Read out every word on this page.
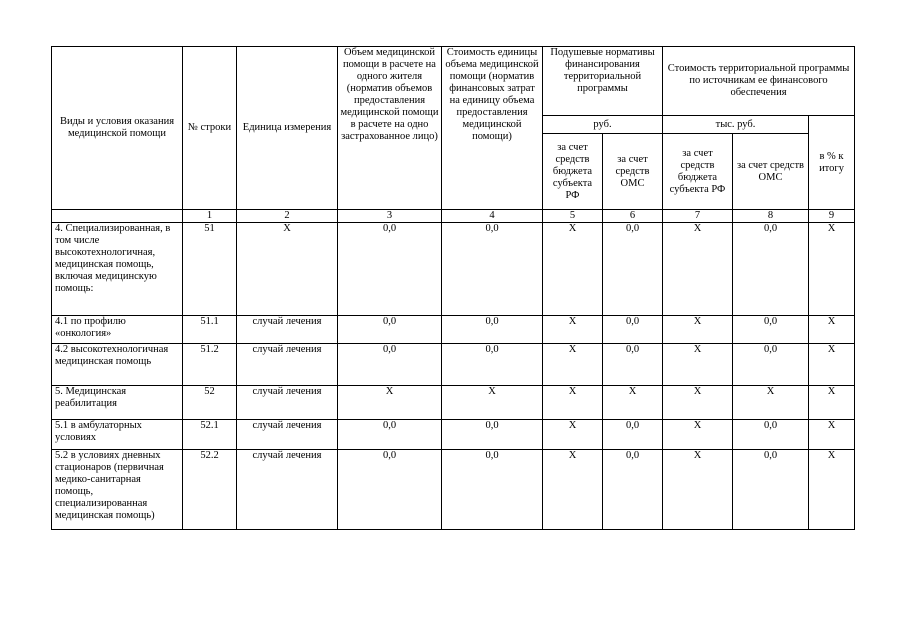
Виды и условия оказания медицинской помощи	№ строки	Единица измерения	Объем медицинской помощи в расчете на одного жителя (норматив объемов предоставления медицинской помощи в расчете на одно застрахованное лицо)	Стоимость единицы объема медицинской помощи (норматив финансовых затрат на единицу объема предоставления медицинской помощи)	Подушевые нормативы финансирования территориальной программы		Стоимость территориальной программы по источникам ее финансового обеспечения		
					руб.		тыс. руб.		в % к итогу
					за счет средств бюджета субъекта РФ	за счет средств ОМС	за счет средств бюджета субъекта РФ	за счет средств ОМС	
	1	2	3	4	5	6	7	8	9
4. Специализированная, в том числе высокотехнологичная, медицинская помощь, включая медицинскую помощь:	51	Х	0,0	0,0	Х	0,0	Х	0,0	Х
4.1 по профилю «онкология»	51.1	случай лечения	0,0	0,0	Х	0,0	Х	0,0	Х
4.2 высокотехнологичная медицинская помощь	51.2	случай лечения	0,0	0,0	Х	0,0	Х	0,0	Х
5. Медицинская реабилитация	52	случай лечения	Х	Х	Х	Х	Х	Х	Х
5.1 в амбулаторных условиях	52.1	случай лечения	0,0	0,0	Х	0,0	Х	0,0	Х
5.2 в условиях дневных стационаров (первичная медико-санитарная помощь, специализированная медицинская помощь)	52.2	случай лечения	0,0	0,0	Х	0,0	Х	0,0	Х
